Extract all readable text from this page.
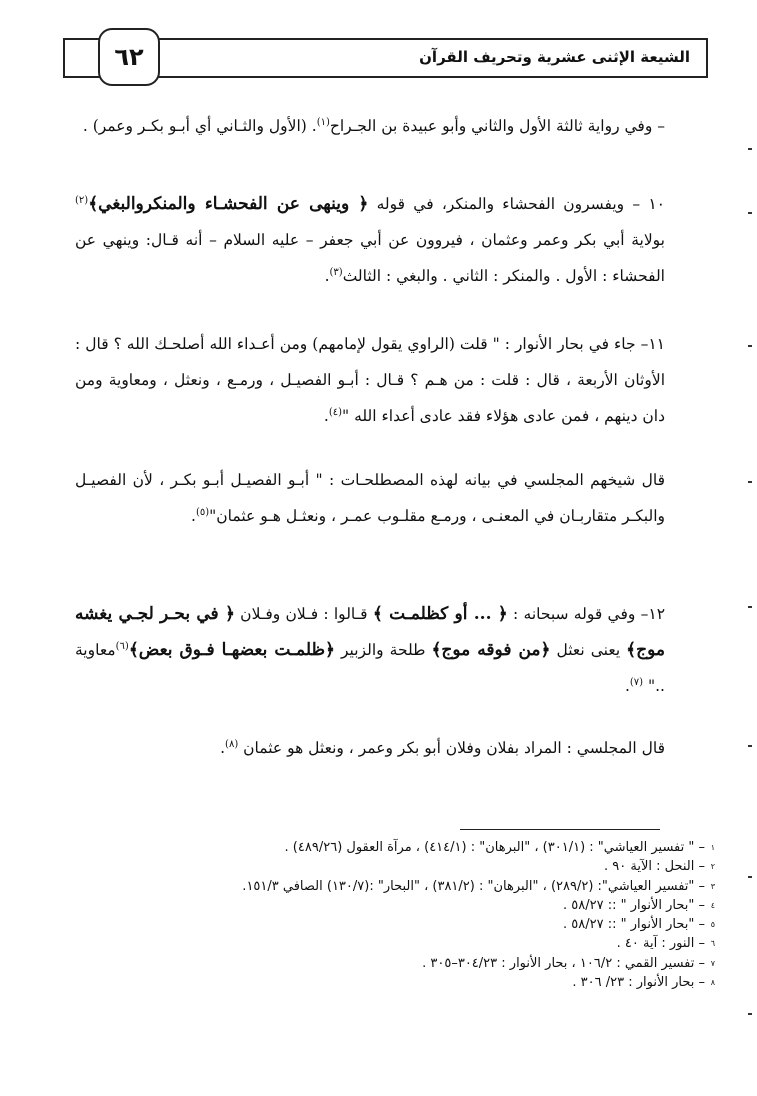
الشيعة الإثنى عشرية وتحريف القرآن
٦٢

– وفي رواية ثالثة الأول والثاني وأبو عبيدة بن الجـراح$^{(١)}$. (الأول والثـاني أي أبـو بكـر وعمر) .

١٠ – ويفسرون الفحشاء والمنكر، في قوله ﴿ وينهى عن الفحشـاء والمنكروالبغي﴾$^{(٢)}$ بولاية أبي بكر وعمر وعثمان ، فيروون عن أبي جعفر – عليه السلام – أنه قـال: وينهي عن الفحشاء : الأول . والمنكر : الثاني . والبغي : الثالث$^{(٣)}$.

١١– جاء في بحار الأنوار : " قلت (الراوي يقول لإمامهم) ومن أعـداء الله أصلحـك الله ؟ قال : الأوثان الأربعة ، قال : قلت : من هـم ؟ قـال : أبـو الفصيـل ، ورمـع ، ونعثل ، ومعاوية ومن دان دينهم ، فمن عادى هؤلاء فقد عادى أعداء الله "$^{(٤)}$.

قال شيخهم المجلسي في بيانه لهذه المصطلحـات : " أبـو الفصيـل أبـو بكـر ، لأن الفصيـل والبكـر متقاربـان في المعنـى ، ورمـع مقلـوب عمـر ، ونعثـل هـو عثمان"$^{(٥)}$.

١٢– وفي قوله سبحانه : ﴿ ... أو كظلمـت ﴾ قـالوا : فـلان وفـلان ﴿ في بحـر لجـي يغشه موج﴾ يعنى نعثل ﴿من فوقه موج﴾ طلحة والزبير ﴿ظلمـت بعضهـا فـوق بعض﴾$^{(٦)}$معاوية .." $^{(٧)}$.

قال المجلسي : المراد بفلان وفلان أبو بكر وعمر ، ونعثل هو عثمان $^{(٨)}$.

١
– " تفسير العياشي" : (٣٠١/١) ، "البرهان" : (٤١٤/١) ، مرآة العقول (٤٨٩/٢٦) .
٢
– النحل : الآية ٩٠ .
٣
– "تفسير العياشي": (٢٨٩/٢) ، "البرهان" : (٣٨١/٢) ، "البحار" :(١٣٠/٧) الصافي ١٥١/٣.
٤
– "بحار الأنوار " :: ٥٨/٢٧ .
٥
– "بحار الأنوار " :: ٥٨/٢٧ .
٦
– النور : آية ٤٠ .
٧
– تفسير القمي : ١٠٦/٢ ، بحار الأنوار : ٣٠٤/٢٣–٣٠٥ .
٨
– بحار الأنوار : ٢٣/ ٣٠٦ .
